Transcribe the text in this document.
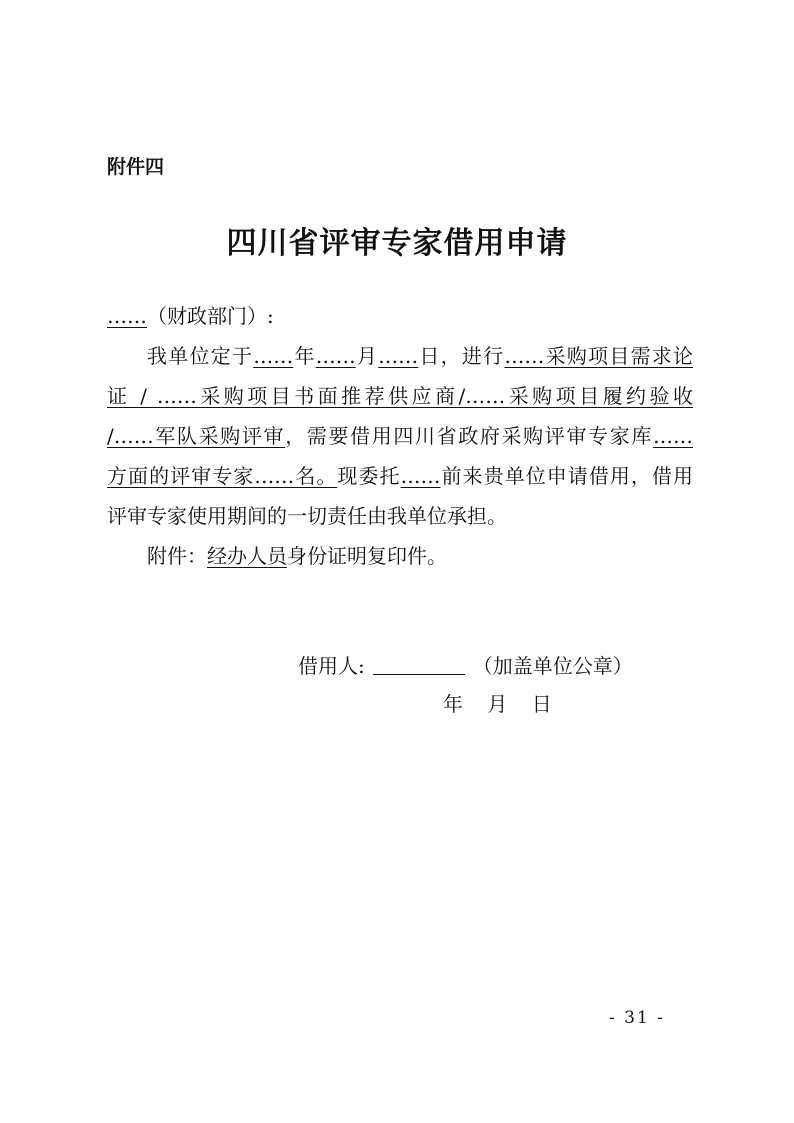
附件四
四川省评审专家借用申请
……（财政部门）:
我单位定于……年……月……日，进行……采购项目需求论
证 / ……采购项目书面推荐供应商/……采购项目履约验收
/……军队采购评审，需要借用四川省政府采购评审专家库……
方面的评审专家……名。现委托……前来贵单位申请借用，借用
评审专家使用期间的一切责任由我单位承担。
附件：经办人员身份证明复印件。
借用人:	（加盖单位公章）
年 月 日
- 31 -
